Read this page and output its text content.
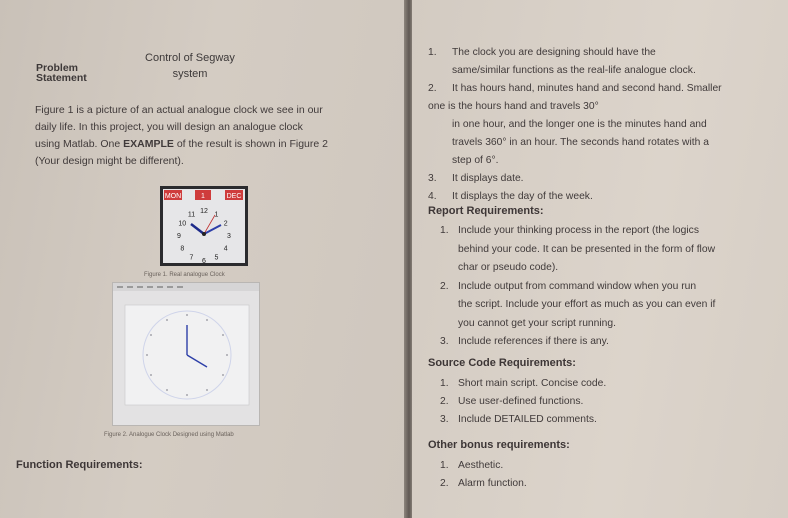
Control of Segway
system
Problem
Statement
Figure 1 is a picture of an actual analogue clock we see in our
daily life. In this project, you will design an analogue clock
using Matlab. One EXAMPLE of the result is shown in Figure 2
(Your design might be different).
MON	1	DEC
12 1
2
3
4
5
6
7
8
9
10
11
Figure 1. Real analogue Clock
Figure 2. Analogue Clock Designed using Matlab
Function Requirements:
1. The clock you are designing should have the
same/similar functions as the real-life analogue clock.
2. It has hours hand, minutes hand and second hand. Smaller
one is the hours hand and travels 30°
in one hour, and the longer one is the minutes hand and
travels 360° in an hour. The seconds hand rotates with a
step of 6°.
3. It displays date.
4. It displays the day of the week.
Report Requirements:
1. Include your thinking process in the report (the logics
behind your code. It can be presented in the form of flow
char or pseudo code).
2. Include output from command window when you run
the script. Include your effort as much as you can even if
you cannot get your script running.
3. Include references if there is any.
Source Code Requirements:
1. Short main script. Concise code.
2. Use user-defined functions.
3. Include DETAILED comments.
Other bonus requirements:
1. Aesthetic.
2. Alarm function.
